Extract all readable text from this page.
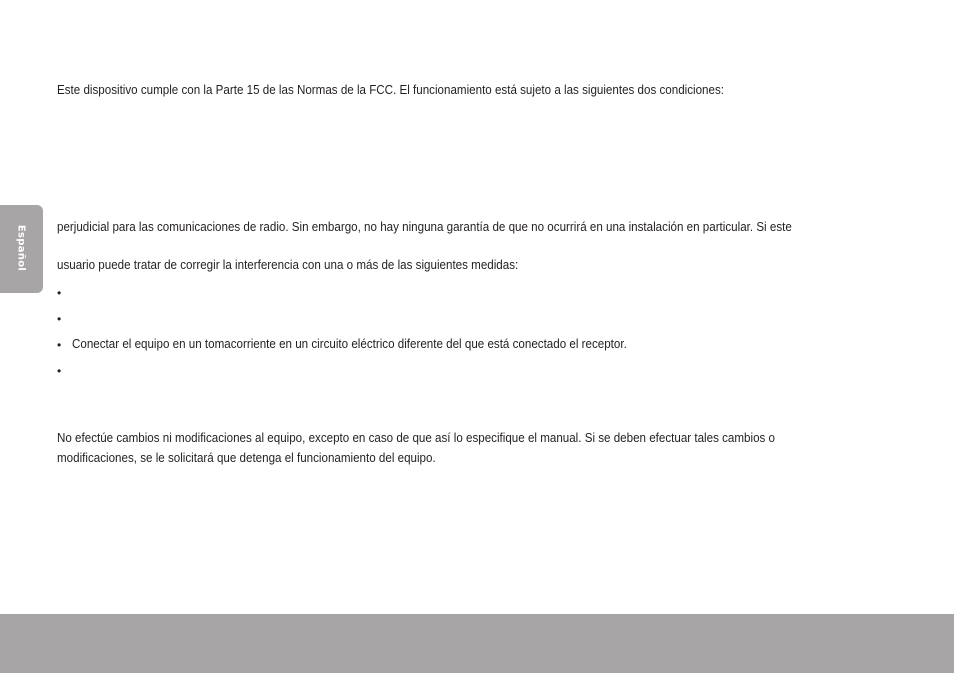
Español
Este dispositivo cumple con la Parte 15 de las Normas de la FCC. El funcionamiento está sujeto a las siguientes dos condiciones:
perjudicial para las comunicaciones de radio. Sin embargo, no hay ninguna garantía de que no ocurrirá en una instalación en particular. Si este
usuario puede tratar de corregir la interferencia con una o más de las siguientes medidas:
•
•
• Conectar el equipo en un tomacorriente en un circuito eléctrico diferente del que está conectado el receptor.
•
No efectúe cambios ni modificaciones al equipo, excepto en caso de que así lo especifique el manual. Si se deben efectuar tales cambios o
modificaciones, se le solicitará que detenga el funcionamiento del equipo.
